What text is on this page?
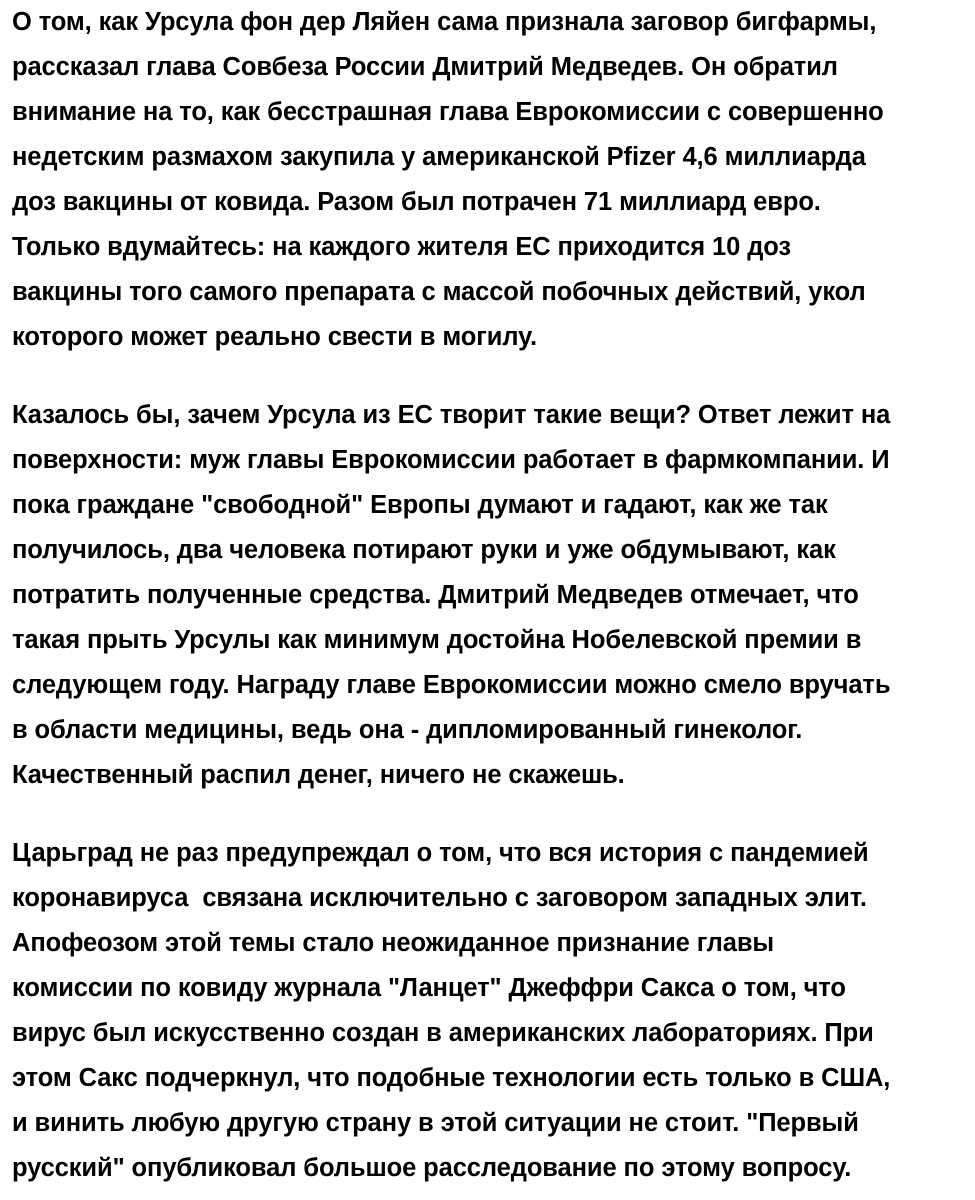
О том, как Урсула фон дер Ляйен сама признала заговор бигфармы,
рассказал глава Совбеза России Дмитрий Медведев. Он обратил
внимание на то, как бесстрашная глава Еврокомиссии с совершенно
недетским размахом закупила у американской Pfizer 4,6 миллиарда
доз вакцины от ковида. Разом был потрачен 71 миллиард евро.
Только вдумайтесь: на каждого жителя ЕС приходится 10 доз
вакцины того самого препарата с массой побочных действий, укол
которого может реально свести в могилу.
Казалось бы, зачем Урсула из ЕС творит такие вещи? Ответ лежит на
поверхности: муж главы Еврокомиссии работает в фармкомпании. И
пока граждане "свободной" Европы думают и гадают, как же так
получилось, два человека потирают руки и уже обдумывают, как
потратить полученные средства. Дмитрий Медведев отмечает, что
такая прыть Урсулы как минимум достойна Нобелевской премии в
следующем году. Награду главе Еврокомиссии можно смело вручать
в области медицины, ведь она - дипломированный гинеколог.
Качественный распил денег, ничего не скажешь.
Царьград не раз предупреждал о том, что вся история с пандемией
коронавируса  связана исключительно с заговором западных элит.
Апофеозом этой темы стало неожиданное признание главы
комиссии по ковиду журнала "Ланцет" Джеффри Сакса о том, что
вирус был искусственно создан в американских лабораториях. При
этом Сакс подчеркнул, что подобные технологии есть только в США,
и винить любую другую страну в этой ситуации не стоит. "Первый
русский" опубликовал большое расследование по этому вопросу.
